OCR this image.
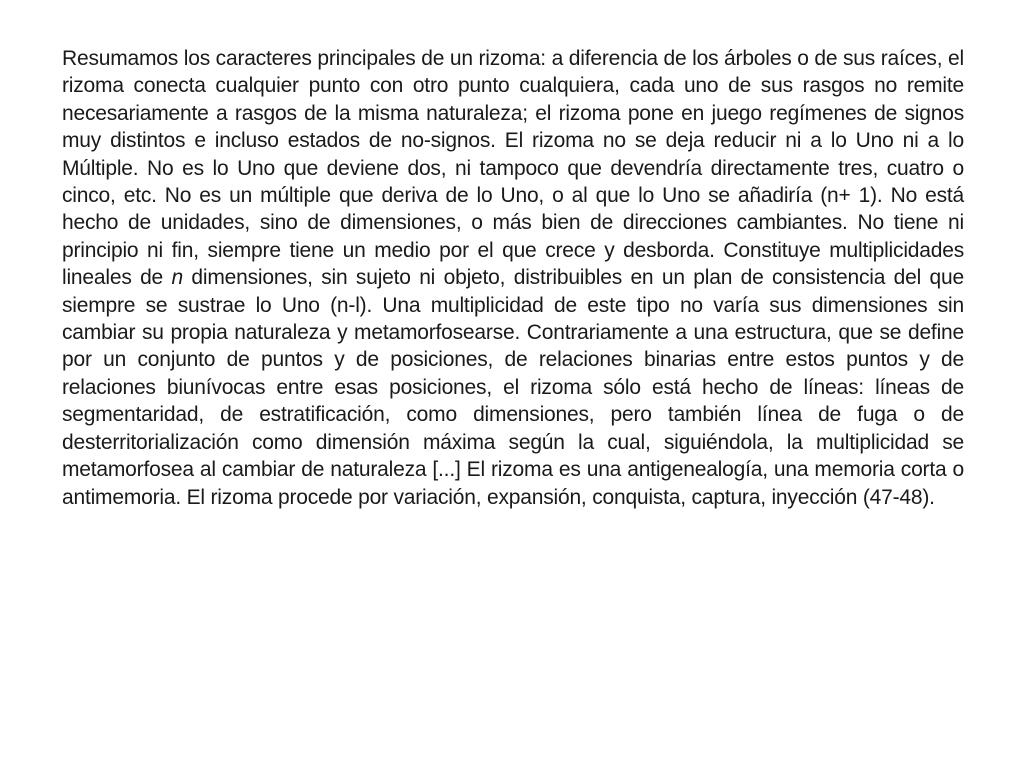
Resumamos los caracteres principales de un rizoma: a diferencia de los árboles o de sus raíces, el rizoma conecta cualquier punto con otro punto cualquiera, cada uno de sus rasgos no remite necesariamente a rasgos de la misma naturaleza; el rizoma pone en juego regímenes de signos muy distintos e incluso estados de no-signos. El rizoma no se deja reducir ni a lo Uno ni a lo Múltiple. No es lo Uno que deviene dos, ni tampoco que devendría directamente tres, cuatro o cinco, etc. No es un múltiple que deriva de lo Uno, o al que lo Uno se añadiría (n+ 1). No está hecho de unidades, sino de dimensiones, o más bien de direcciones cambiantes. No tiene ni principio ni fin, siempre tiene un medio por el que crece y desborda. Constituye multiplicidades lineales de n dimensiones, sin sujeto ni objeto, distribuibles en un plan de consistencia del que siempre se sustrae lo Uno (n-l). Una multiplicidad de este tipo no varía sus dimensiones sin cambiar su propia naturaleza y metamorfosearse. Contrariamente a una estructura, que se define por un conjunto de puntos y de posiciones, de relaciones binarias entre estos puntos y de relaciones biunívocas entre esas posiciones, el rizoma sólo está hecho de líneas: líneas de segmentaridad, de estratificación, como dimensiones, pero también línea de fuga o de desterritorialización como dimensión máxima según la cual, siguiéndola, la multiplicidad se metamorfosea al cambiar de naturaleza [...] El rizoma es una antigenealogía, una memoria corta o antimemoria. El rizoma procede por variación, expansión, conquista, captura, inyección (47-48).
